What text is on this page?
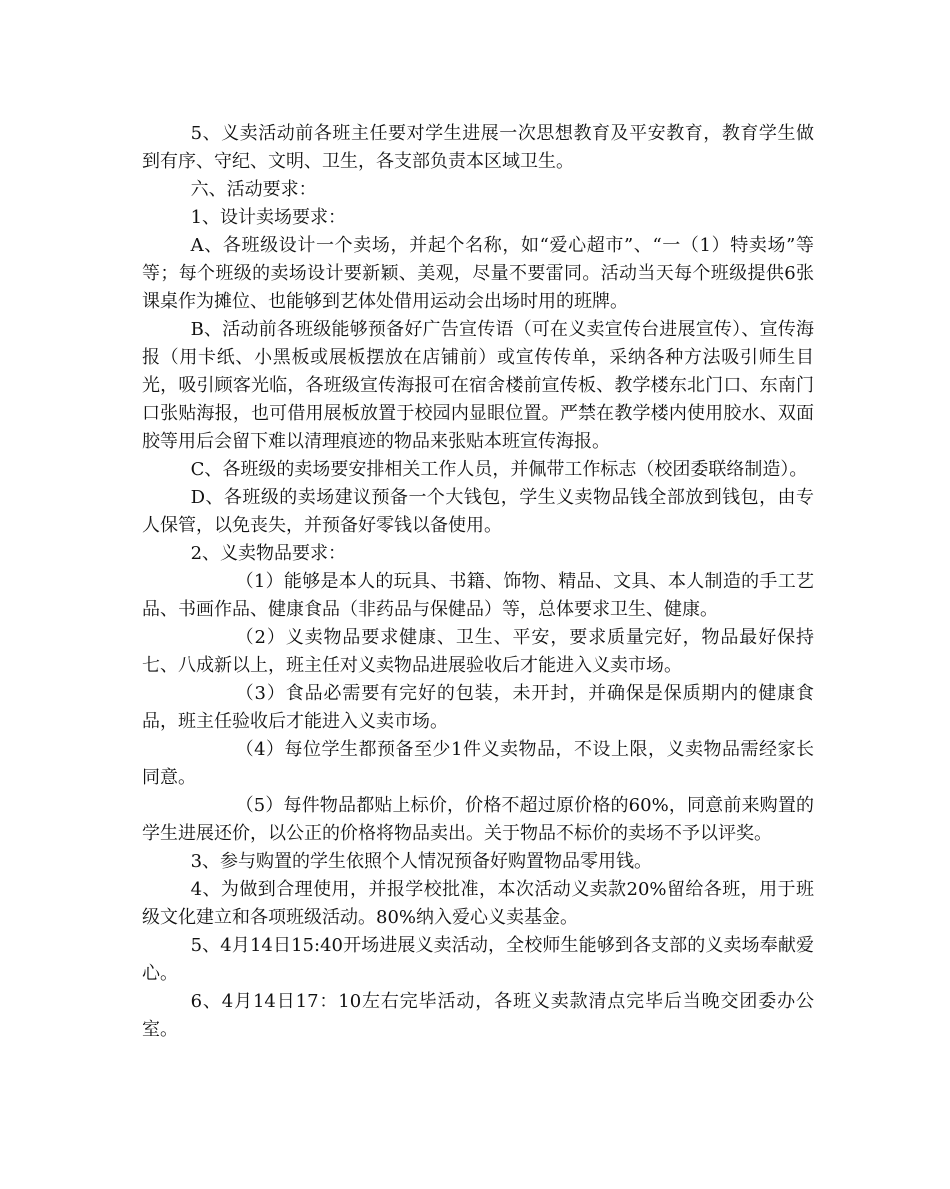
5、义卖活动前各班主任要对学生进展一次思想教育及平安教育，教育学生做到有序、守纪、文明、卫生，各支部负责本区域卫生。

六、活动要求：

1、设计卖场要求：

A、各班级设计一个卖场，并起个名称，如“爱心超市”、“一（1）特卖场”等等；每个班级的卖场设计要新颖、美观，尽量不要雷同。活动当天每个班级提供6张课桌作为摊位、也能够到艺体处借用运动会出场时用的班牌。

B、活动前各班级能够预备好广告宣传语（可在义卖宣传台进展宣传）、宣传海报（用卡纸、小黑板或展板摆放在店铺前）或宣传传单，采纳各种方法吸引师生目光，吸引顾客光临，各班级宣传海报可在宿舍楼前宣传板、教学楼东北门口、东南门口张贴海报，也可借用展板放置于校园内显眼位置。严禁在教学楼内使用胶水、双面胶等用后会留下难以清理痕迹的物品来张贴本班宣传海报。

C、各班级的卖场要安排相关工作人员，并佩带工作标志（校团委联络制造）。

D、各班级的卖场建议预备一个大钱包，学生义卖物品钱全部放到钱包，由专人保管，以免丧失，并预备好零钱以备使用。

2、义卖物品要求：

（1）能够是本人的玩具、书籍、饰物、精品、文具、本人制造的手工艺品、书画作品、健康食品（非药品与保健品）等，总体要求卫生、健康。

（2）义卖物品要求健康、卫生、平安，要求质量完好，物品最好保持七、八成新以上，班主任对义卖物品进展验收后才能进入义卖市场。

（3）食品必需要有完好的包装，未开封，并确保是保质期内的健康食品，班主任验收后才能进入义卖市场。

（4）每位学生都预备至少1件义卖物品，不设上限，义卖物品需经家长同意。

（5）每件物品都贴上标价，价格不超过原价格的60%，同意前来购置的学生进展还价，以公正的价格将物品卖出。关于物品不标价的卖场不予以评奖。

3、参与购置的学生依照个人情况预备好购置物品零用钱。

4、为做到合理使用，并报学校批准，本次活动义卖款20%留给各班，用于班级文化建立和各项班级活动。80%纳入爱心义卖基金。

5、4月14日15:40开场进展义卖活动，全校师生能够到各支部的义卖场奉献爱心。

6、4月14日17：10左右完毕活动，各班义卖款清点完毕后当晚交团委办公室。
